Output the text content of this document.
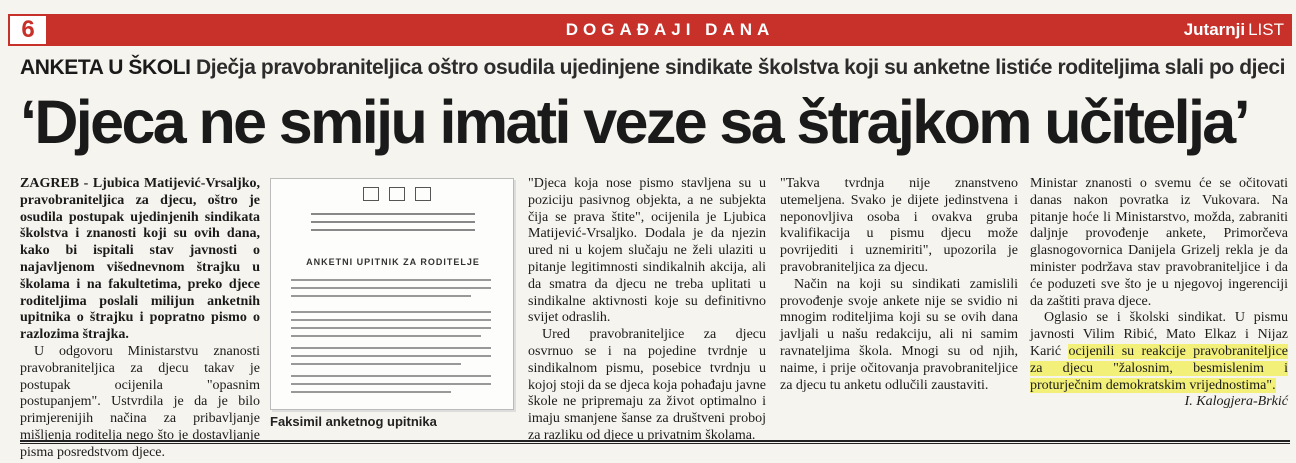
6	DOGAĐAJI DANA	Jutarnji LIST
ANKETA U ŠKOLI Dječja pravobraniteljica oštro osudila ujedinjene sindikate školstva koji su anketne listiće roditeljima slali po djeci
‘Djeca ne smiju imati veze sa štrajkom učitelja’

ZAGREB - Ljubica Matijević-Vrsaljko, pravobraniteljica za djecu, oštro je osudila postupak ujedinjenih sindikata školstva i znanosti koji su ovih dana, kako bi ispitali stav javnosti o najavljenom višednevnom štrajku u školama i na fakultetima, preko djece roditeljima poslali milijun anketnih upitnika o štrajku i popratno pismo o razlozima štrajka.

U odgovoru Ministarstvu znanosti pravobraniteljica za djecu takav je postupak ocijenila "opasnim postupanjem". Ustvrdila je da je bilo primjerenijih načina za pribavljanje mišljenja roditelja nego što je dostavljanje pisma posredstvom djece.

ANKETNI UPITNIK ZA RODITELJE
Faksimil anketnog upitnika

"Djeca koja nose pismo stavljena su u poziciju pasivnog objekta, a ne subjekta čija se prava štite", ocijenila je Ljubica Matijević-Vrsaljko. Dodala je da njezin ured ni u kojem slučaju ne želi ulaziti u pitanje legitimnosti sindikalnih akcija, ali da smatra da djecu ne treba uplitati u sindikalne aktivnosti koje su definitivno svijet odraslih.

Ured pravobraniteljice za djecu osvrnuo se i na pojedine tvrdnje u sindikalnom pismu, posebice tvrdnju u kojoj stoji da se djeca koja pohađaju javne škole ne pripremaju za život optimalno i imaju smanjene šanse za društveni proboj za razliku od djece u privatnim školama.

"Takva tvrdnja nije znanstveno utemeljena. Svako je dijete jedinstvena i neponovljiva osoba i ovakva gruba kvalifikacija u pismu djecu može povrijediti i uznemiriti", upozorila je pravobraniteljica za djecu.

Način na koji su sindikati zamislili provođenje svoje ankete nije se svidio ni mnogim roditeljima koji su se ovih dana javljali u našu redakciju, ali ni samim ravnateljima škola. Mnogi su od njih, naime, i prije očitovanja pravobraniteljice za djecu tu anketu odlučili zaustaviti.

Ministar znanosti o svemu će se očitovati danas nakon povratka iz Vukovara. Na pitanje hoće li Ministarstvo, možda, zabraniti daljnje provođenje ankete, Primorčeva glasnogovornica Danijela Grizelj rekla je da minister podržava stav pravobraniteljice i da će poduzeti sve što je u njegovoj ingerenciji da zaštiti prava djece.

Oglasio se i školski sindikat. U pismu javnosti Vilim Ribić, Mato Elkaz i Nijaz Karić ocijenili su reakcije pravobraniteljice za djecu "žalosnim, besmislenim i proturječnim demokratskim vrijednostima".
I. Kalogjera-Brkić
